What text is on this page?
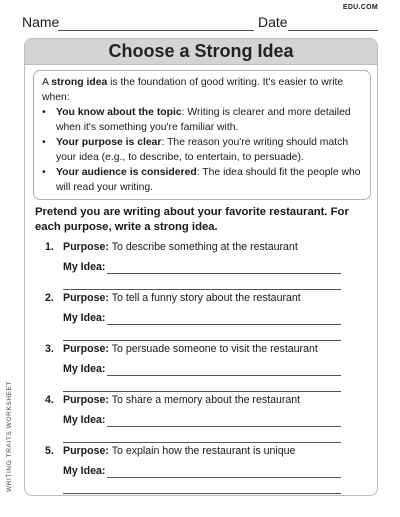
Name	Date
EDU.COM
Choose a Strong Idea

A strong idea is the foundation of good writing. It's easier to write when:

• You know about the topic: Writing is clearer and more detailed when it's something you're familiar with.
• Your purpose is clear: The reason you're writing should match your idea (e.g., to describe, to entertain, to persuade).
• Your audience is considered: The idea should fit the people who will read your writing.
Pretend you are writing about your favorite restaurant. For each purpose, write a strong idea.
1. Purpose: To describe something at the restaurant
My Idea:
2. Purpose: To tell a funny story about the restaurant
My Idea:
3. Purpose: To persuade someone to visit the restaurant
My Idea:
4. Purpose: To share a memory about the restaurant
My Idea:
5. Purpose: To explain how the restaurant is unique
My Idea:
WRITING TRAITS WORKSHEET
